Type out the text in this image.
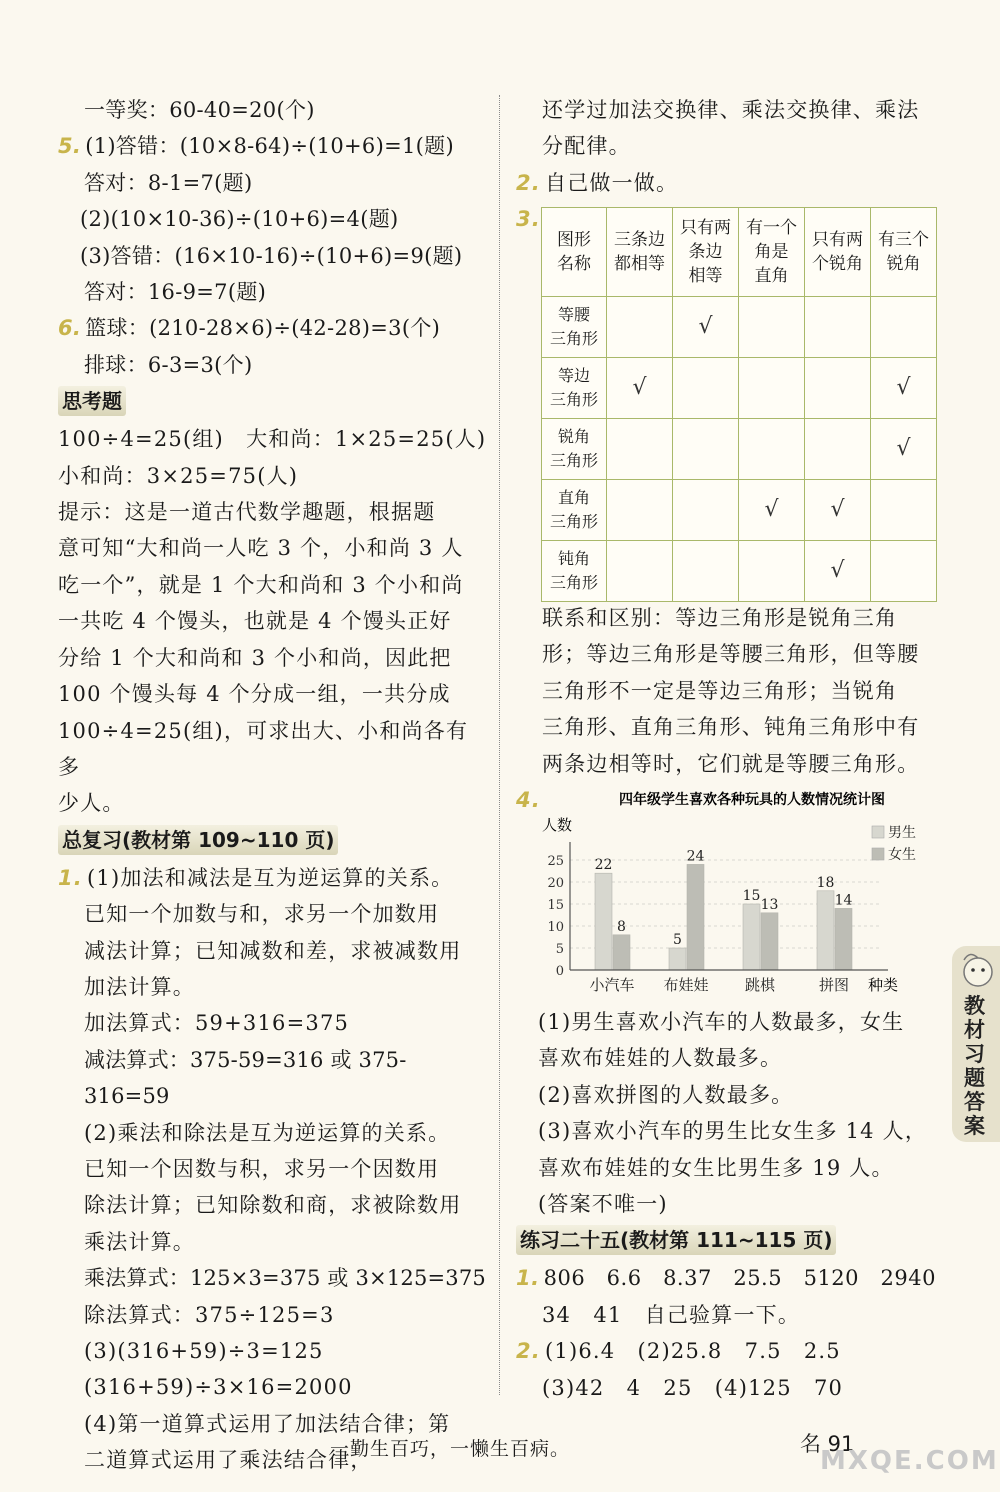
一等奖：60-40=20(个)
5. (1)答错：(10×8-64)÷(10+6)=1(题)
答对：8-1=7(题)
(2)(10×10-36)÷(10+6)=4(题)
(3)答错：(16×10-16)÷(10+6)=9(题)
答对：16-9=7(题)
6. 篮球：(210-28×6)÷(42-28)=3(个)
排球：6-3=3(个)
思考题
100÷4=25(组)　大和尚：1×25=25(人)
小和尚：3×25=75(人)
提示：这是一道古代数学趣题，根据题
意可知“大和尚一人吃 3 个，小和尚 3 人
吃一个”，就是 1 个大和尚和 3 个小和尚
一共吃 4 个馒头，也就是 4 个馒头正好
分给 1 个大和尚和 3 个小和尚，因此把
100 个馒头每 4 个分成一组，一共分成
100÷4=25(组)，可求出大、小和尚各有多
少人。
总复习(教材第 109~110 页)
1. (1)加法和减法是互为逆运算的关系。
已知一个加数与和，求另一个加数用
减法计算；已知减数和差，求被减数用
加法计算。
加法算式：59+316=375
减法算式：375-59=316 或 375-316=59
(2)乘法和除法是互为逆运算的关系。
已知一个因数与积，求另一个因数用
除法计算；已知除数和商，求被除数用
乘法计算。
乘法算式：125×3=375 或 3×125=375
除法算式：375÷125=3
(3)(316+59)÷3=125
(316+59)÷3×16=2000
(4)第一道算式运用了加法结合律；第
二道算式运用了乘法结合律，
还学过加法交换律、乘法交换律、乘法
分配律。
2. 自己做一做。
3.
图形
名称	三条边
都相等	只有两
条边
相等	有一个
角是
直角	只有两
个锐角	有三个
锐角
等腰
三角形		√			
等边
三角形	√				√
锐角
三角形					√
直角
三角形			√	√	
钝角
三角形				√	
联系和区别：等边三角形是锐角三角
形；等边三角形是等腰三角形，但等腰
三角形不一定是等边三角形；当锐角
三角形、直角三角形、钝角三角形中有
两条边相等时，它们就是等腰三角形。
4.	四年级学生喜欢各种玩具的人数情况统计图
人数
22
8
5
24
15
13
18
14
0
5
10
15
20
25
小汽车 布娃娃 跳棋	拼图
男生
女生
种类
(1)男生喜欢小汽车的人数最多，女生
喜欢布娃娃的人数最多。
(2)喜欢拼图的人数最多。
(3)喜欢小汽车的男生比女生多 14 人，
喜欢布娃娃的女生比男生多 19 人。
(答案不唯一)
练习二十五(教材第 111~115 页)
1. 806　6.6　8.37　25.5　5120　2940
34　41　自己验算一下。
2. (1)6.4　(2)25.8　7.5　2.5
(3)42　4　25　(4)125　70
教材习题答案
一勤生百巧，一懒生百病。	名 91
MXQE.COM
